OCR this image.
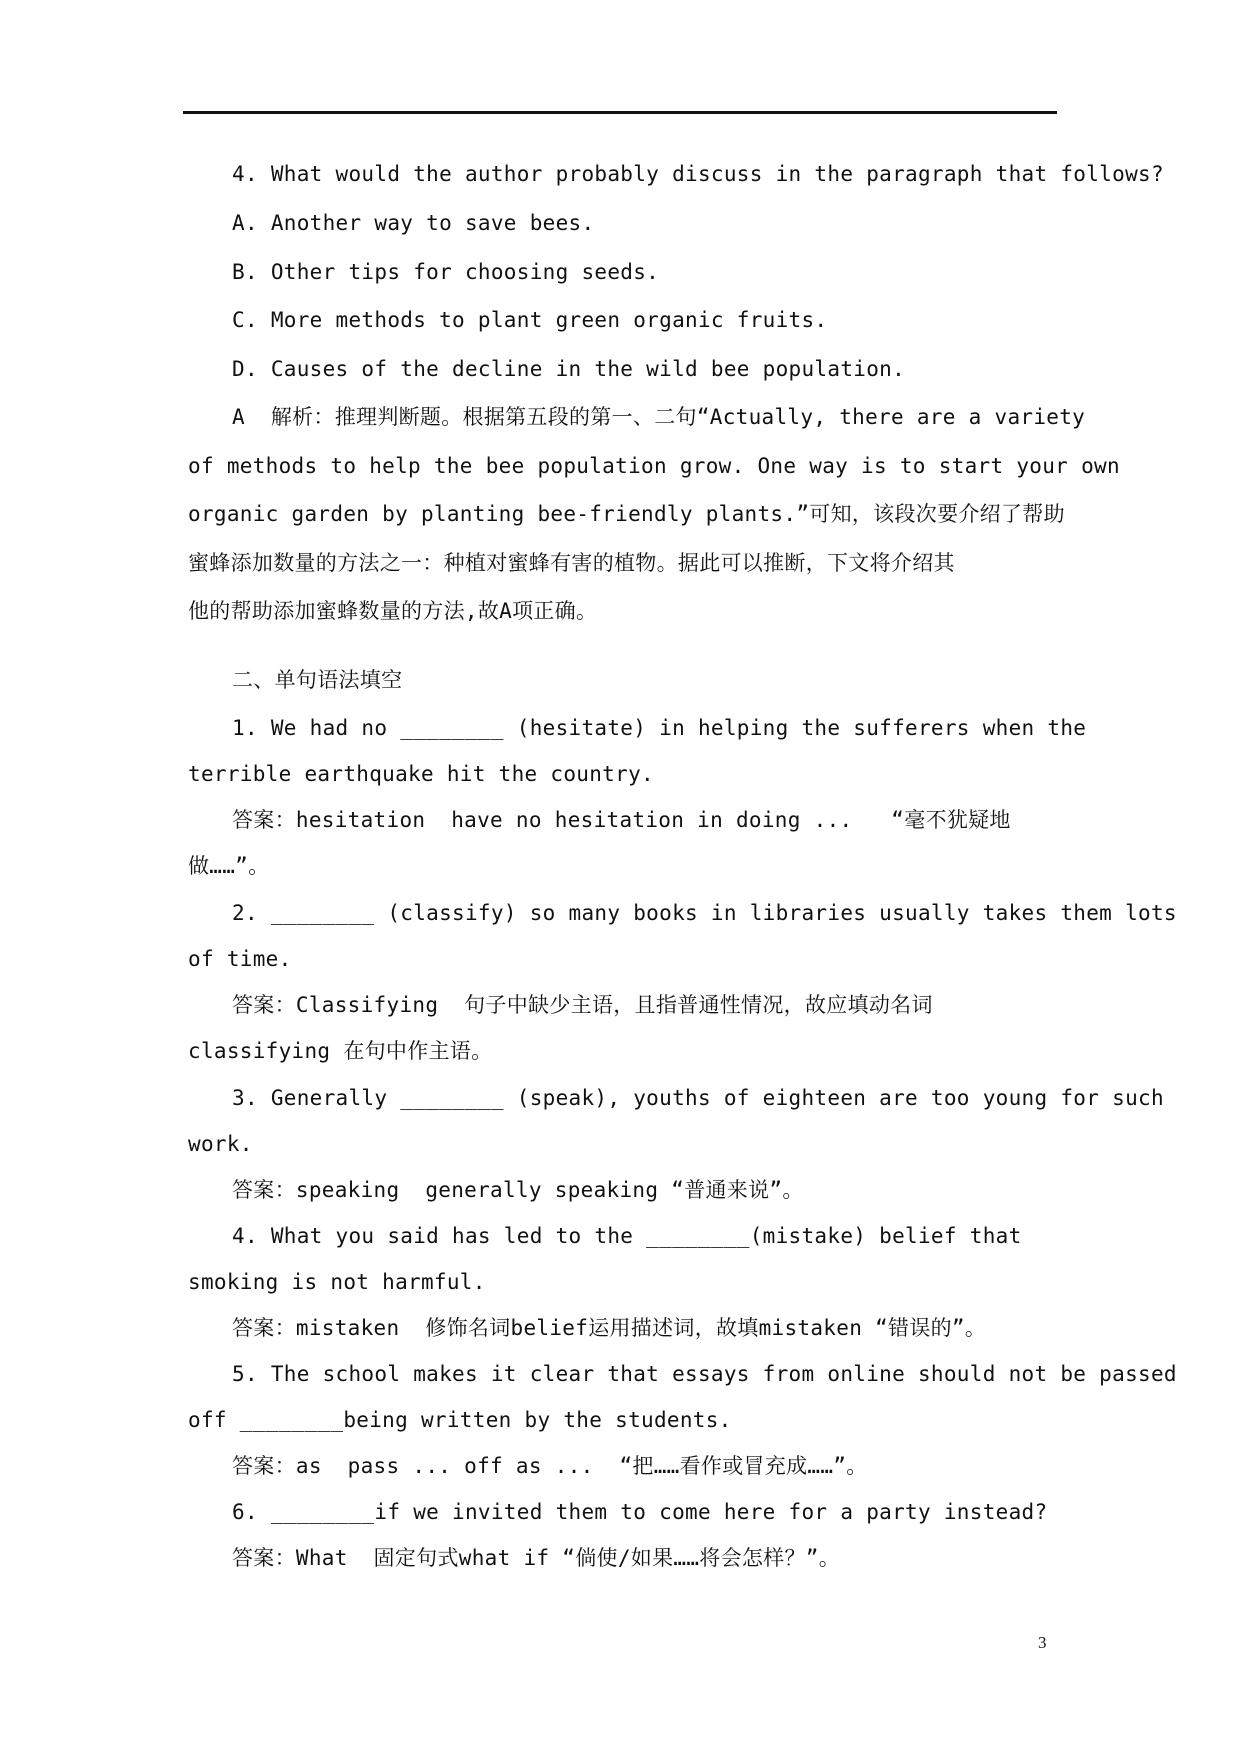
4. What would the author probably discuss in the paragraph that follows?
A. Another way to save bees.
B. Other tips for choosing seeds.
C. More methods to plant green organic fruits.
D. Causes of the decline in the wild bee population.
A  解析：推理判断题。根据第五段的第一、二句“Actually, there are a variety
of methods to help the bee population grow. One way is to start your own
organic garden by planting bee-friendly plants.”可知，该段次要介绍了帮助
蜜蜂添加数量的方法之一：种植对蜜蜂有害的植物。据此可以推断，下文将介绍其
他的帮助添加蜜蜂数量的方法,故A项正确。
二、单句语法填空
1. We had no ________ (hesitate) in helping the sufferers when the
terrible earthquake hit the country.
答案：hesitation  have no hesitation in doing ...   “毫不犹疑地
做……”。
2. ________ (classify) so many books in libraries usually takes them lots
of time.
答案：Classifying  句子中缺少主语，且指普通性情况，故应填动名词
classifying 在句中作主语。
3. Generally ________ (speak), youths of eighteen are too young for such
work.
答案：speaking  generally speaking “普通来说”。
4. What you said has led to the ________(mistake) belief that
smoking is not harmful.
答案：mistaken  修饰名词belief运用描述词，故填mistaken “错误的”。
5. The school makes it clear that essays from online should not be passed
off ________being written by the students.
答案：as  pass ... off as ...  “把……看作或冒充成……”。
6. ________if we invited them to come here for a party instead?
答案：What  固定句式what if “倘使/如果……将会怎样？”。
3
